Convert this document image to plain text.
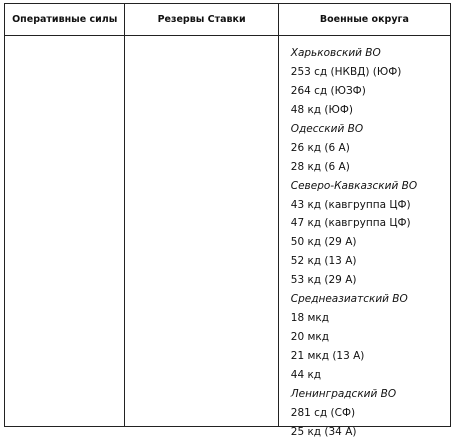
Оперативные силы	Резервы Ставки	Военные округа
Харьковский ВО
253 сд (НКВД) (ЮФ)
264 сд (ЮЗФ)
48 кд (ЮФ)
Одесский ВО
26 кд (6 А)
28 кд (6 А)
Северо-Кавказский ВО
43 кд (кавгруппа ЦФ)
47 кд (кавгруппа ЦФ)
50 кд (29 А)
52 кд (13 А)
53 кд (29 А)
Среднеазиатский ВО
18 мкд
20 мкд
21 мкд (13 А)
44 кд
Ленинградский ВО
281 сд (СФ)
25 кд (34 А)
